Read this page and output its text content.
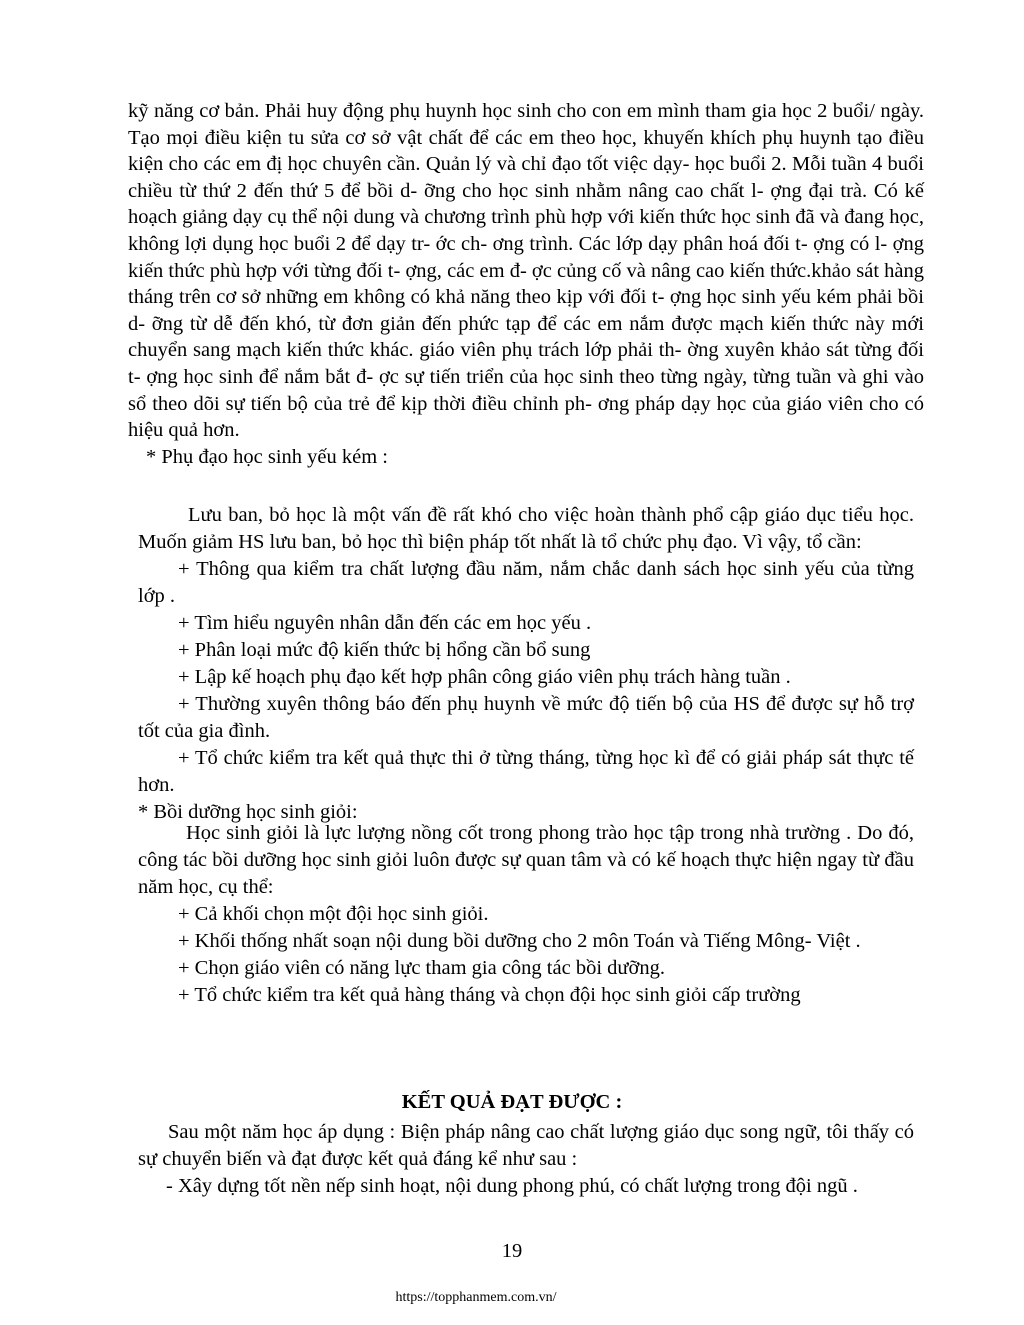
kỹ năng cơ bản. Phải huy động phụ huynh học sinh cho con em mình tham gia học 2 buổi/ ngày. Tạo mọi điều kiện tu sửa cơ sở vật chất để các em theo học, khuyến khích phụ huynh tạo điều kiện cho các em đị học chuyên cần. Quản lý và chỉ đạo tốt việc dạy- học buổi 2. Mỗi tuần 4 buổi chiều từ thứ 2 đến thứ 5 để bồi d- ỡng cho học sinh nhằm nâng cao chất l- ợng đại trà. Có kế hoạch giảng dạy cụ thể nội dung và chương trình phù hợp với kiến thức học sinh đã và đang học, không lợi dụng học buổi 2 để dạy tr- ớc ch- ơng trình. Các lớp dạy phân hoá đối t- ợng có l- ợng kiến thức phù hợp với từng đối t- ợng, các em đ- ợc củng cố và nâng cao kiến thức.khảo sát hàng tháng trên cơ sở những em không có khả năng theo kịp với đối t- ợng học sinh yếu kém phải bồi d- ỡng từ dễ đến khó, từ đơn giản đến phức tạp để các em nắm được mạch kiến thức này mới chuyển sang mạch kiến thức khác. giáo viên phụ trách lớp phải th- ờng xuyên khảo sát từng đối t- ợng học sinh để nắm bắt đ- ợc sự tiến triển của học sinh theo từng ngày, từng tuần và ghi vào sổ theo dõi sự tiến bộ của trẻ để kịp thời điều chỉnh ph- ơng pháp dạy học của giáo viên cho có hiệu quả hơn.

* Phụ đạo học sinh yếu kém :

Lưu ban, bỏ học là một vấn đề rất khó cho việc hoàn thành phổ cập giáo dục tiểu học. Muốn giảm HS lưu ban, bỏ học thì biện pháp tốt nhất là tổ chức phụ đạo. Vì vậy, tổ cần:

+ Thông qua kiểm tra chất lượng đầu năm, nắm chắc danh sách học sinh yếu của từng lớp .

+ Tìm hiểu nguyên nhân dẫn đến các em học yếu .

+ Phân loại mức độ kiến thức bị hổng cần bổ sung

+ Lập kế hoạch phụ đạo kết hợp phân công giáo viên phụ trách hàng tuần .

+ Thường xuyên thông báo đến phụ huynh về mức độ tiến bộ của HS để được sự hỗ trợ tốt của gia đình.

+ Tổ chức kiểm tra kết quả thực thi ở từng tháng, từng học kì để có giải pháp sát thực tế hơn.

* Bồi dưỡng học sinh giỏi:

Học sinh giỏi là lực lượng nồng cốt trong phong trào học tập trong nhà trường . Do đó, công tác bồi dưỡng học sinh giỏi luôn được sự quan tâm và có kế hoạch thực hiện ngay từ đầu năm học, cụ thể:

+ Cả khối chọn một đội học sinh giỏi.

+ Khối thống nhất soạn nội dung bồi dưỡng cho 2 môn Toán và Tiếng Mông- Việt .

+ Chọn giáo viên có năng lực tham gia công tác bồi dưỡng.

+ Tổ chức kiểm tra kết quả hàng tháng và chọn đội học sinh giỏi cấp trường

KẾT QUẢ ĐẠT ĐƯỢC :

Sau một năm học áp dụng : Biện pháp nâng cao chất lượng giáo dục song ngữ, tôi thấy có sự chuyển biến và đạt được kết quả đáng kể như sau :

- Xây dựng tốt nền nếp sinh hoạt, nội dung phong phú, có chất lượng trong đội ngũ .

19
https://topphanmem.com.vn/
